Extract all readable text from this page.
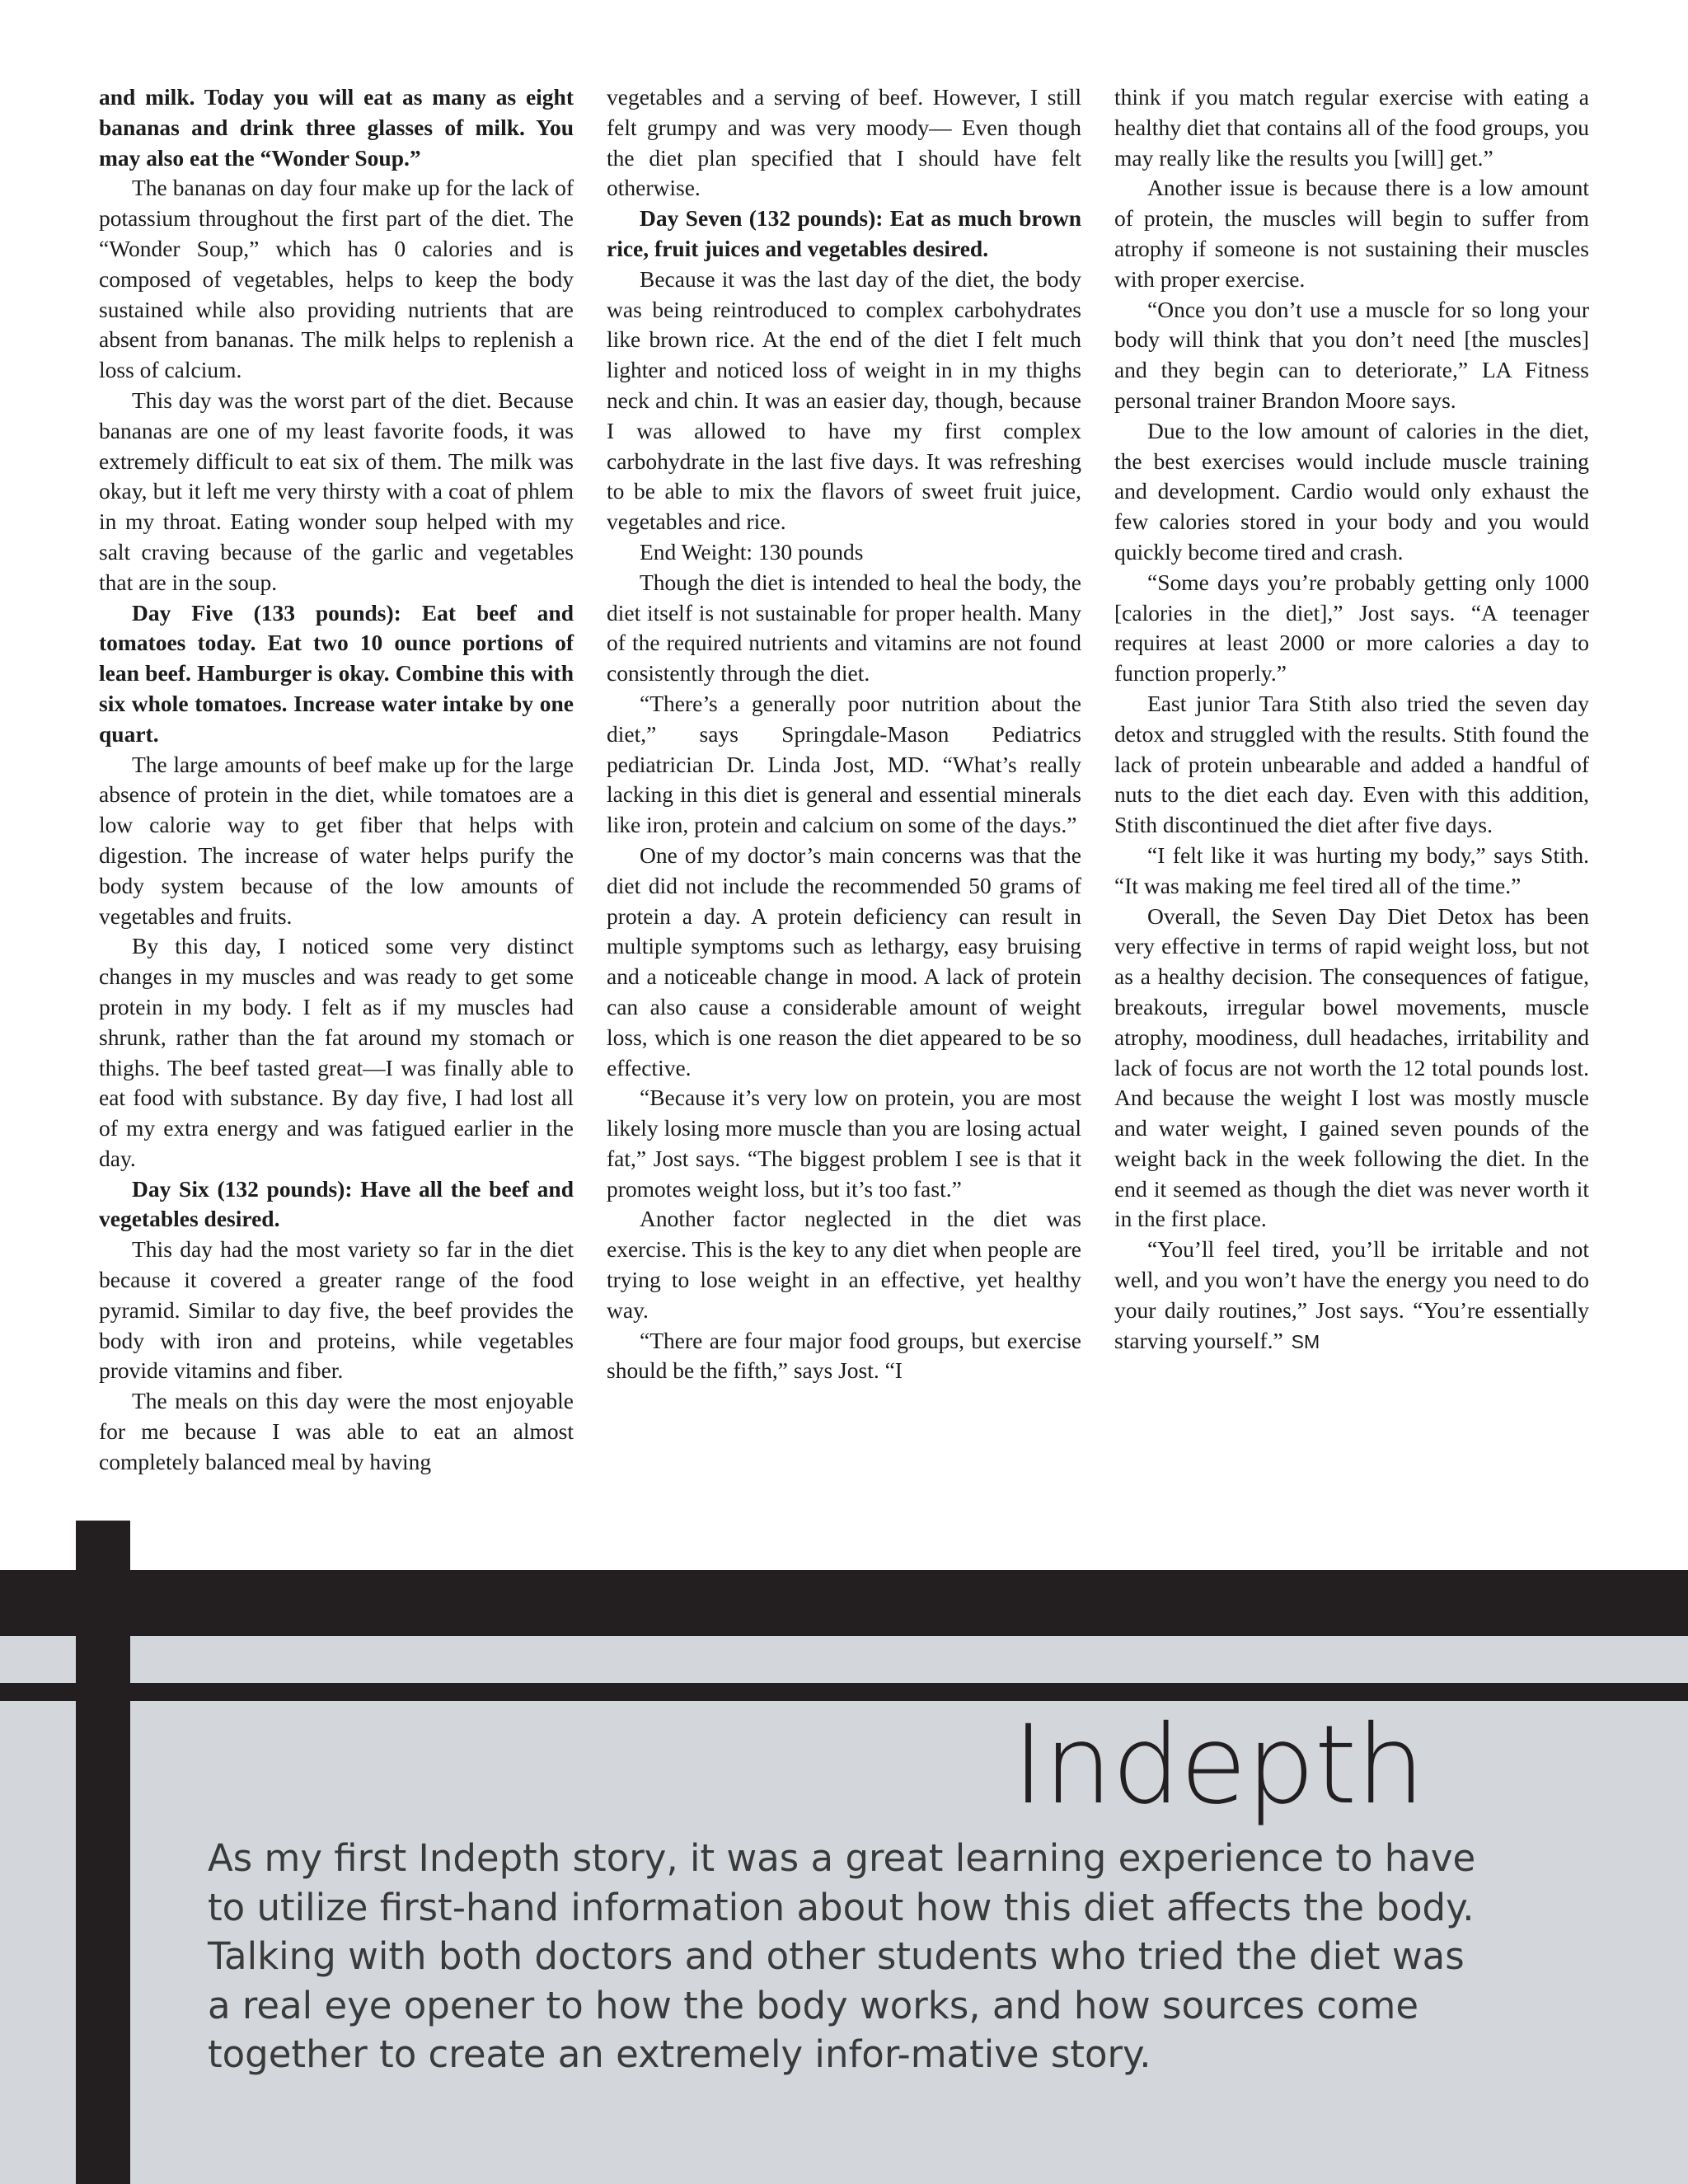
and milk. Today you will eat as many as eight bananas and drink three glasses of milk. You may also eat the “Wonder Soup.”

The bananas on day four make up for the lack of potassium throughout the first part of the diet. The “Wonder Soup,” which has 0 calories and is composed of vegetables, helps to keep the body sustained while also providing nutrients that are absent from bananas. The milk helps to replenish a loss of calcium.

This day was the worst part of the diet. Because bananas are one of my least favorite foods, it was extremely difficult to eat six of them. The milk was okay, but it left me very thirsty with a coat of phlem in my throat. Eating wonder soup helped with my salt craving because of the garlic and vegetables that are in the soup.

Day Five (133 pounds): Eat beef and tomatoes today. Eat two 10 ounce portions of lean beef. Hamburger is okay. Combine this with six whole tomatoes. Increase water intake by one quart.

The large amounts of beef make up for the large absence of protein in the diet, while tomatoes are a low calorie way to get fiber that helps with digestion. The increase of water helps purify the body system because of the low amounts of vegetables and fruits.

By this day, I noticed some very distinct changes in my muscles and was ready to get some protein in my body. I felt as if my muscles had shrunk, rather than the fat around my stomach or thighs. The beef tasted great—I was finally able to eat food with substance. By day five, I had lost all of my extra energy and was fatigued earlier in the day.

Day Six (132 pounds): Have all the beef and vegetables desired.

This day had the most variety so far in the diet because it covered a greater range of the food pyramid. Similar to day five, the beef provides the body with iron and proteins, while vegetables provide vitamins and fiber.

The meals on this day were the most enjoyable for me because I was able to eat an almost completely balanced meal by having

vegetables and a serving of beef. However, I still felt grumpy and was very moody— Even though the diet plan specified that I should have felt otherwise.

Day Seven (132 pounds): Eat as much brown rice, fruit juices and vegetables desired.

Because it was the last day of the diet, the body was being reintroduced to complex carbohydrates like brown rice. At the end of the diet I felt much lighter and noticed loss of weight in in my thighs neck and chin. It was an easier day, though, because I was allowed to have my first complex carbohydrate in the last five days. It was refreshing to be able to mix the flavors of sweet fruit juice, vegetables and rice.

End Weight: 130 pounds

Though the diet is intended to heal the body, the diet itself is not sustainable for proper health. Many of the required nutrients and vitamins are not found consistently through the diet.

“There’s a generally poor nutrition about the diet,” says Springdale-Mason Pediatrics pediatrician Dr. Linda Jost, MD. “What’s really lacking in this diet is general and essential minerals like iron, protein and calcium on some of the days.”

One of my doctor’s main concerns was that the diet did not include the recommended 50 grams of protein a day. A protein deficiency can result in multiple symptoms such as lethargy, easy bruising and a noticeable change in mood. A lack of protein can also cause a considerable amount of weight loss, which is one reason the diet appeared to be so effective.

“Because it’s very low on protein, you are most likely losing more muscle than you are losing actual fat,” Jost says. “The biggest problem I see is that it promotes weight loss, but it’s too fast.”

Another factor neglected in the diet was exercise. This is the key to any diet when people are trying to lose weight in an effective, yet healthy way.

“There are four major food groups, but exercise should be the fifth,” says Jost. “I

think if you match regular exercise with eating a healthy diet that contains all of the food groups, you may really like the results you [will] get.”

Another issue is because there is a low amount of protein, the muscles will begin to suffer from atrophy if someone is not sustaining their muscles with proper exercise.

“Once you don’t use a muscle for so long your body will think that you don’t need [the muscles] and they begin can to deteriorate,” LA Fitness personal trainer Brandon Moore says.

Due to the low amount of calories in the diet, the best exercises would include muscle training and development. Cardio would only exhaust the few calories stored in your body and you would quickly become tired and crash.

“Some days you’re probably getting only 1000 [calories in the diet],” Jost says. “A teenager requires at least 2000 or more calories a day to function properly.”

East junior Tara Stith also tried the seven day detox and struggled with the results. Stith found the lack of protein unbearable and added a handful of nuts to the diet each day. Even with this addition, Stith discontinued the diet after five days.

“I felt like it was hurting my body,” says Stith. “It was making me feel tired all of the time.”

Overall, the Seven Day Diet Detox has been very effective in terms of rapid weight loss, but not as a healthy decision. The consequences of fatigue, breakouts, irregular bowel movements, muscle atrophy, moodiness, dull headaches, irritability and lack of focus are not worth the 12 total pounds lost. And because the weight I lost was mostly muscle and water weight, I gained seven pounds of the weight back in the week following the diet. In the end it seemed as though the diet was never worth it in the first place.

“You’ll feel tired, you’ll be irritable and not well, and you won’t have the energy you need to do your daily routines,” Jost says. “You’re essentially starving yourself.” SM

Indepth

As my first Indepth story, it was a great learning experience to have to utilize first-hand information about how this diet affects the body. Talking with both doctors and other students who tried the diet was a real eye opener to how the body works, and how sources come together to create an extremely infor-mative story.
